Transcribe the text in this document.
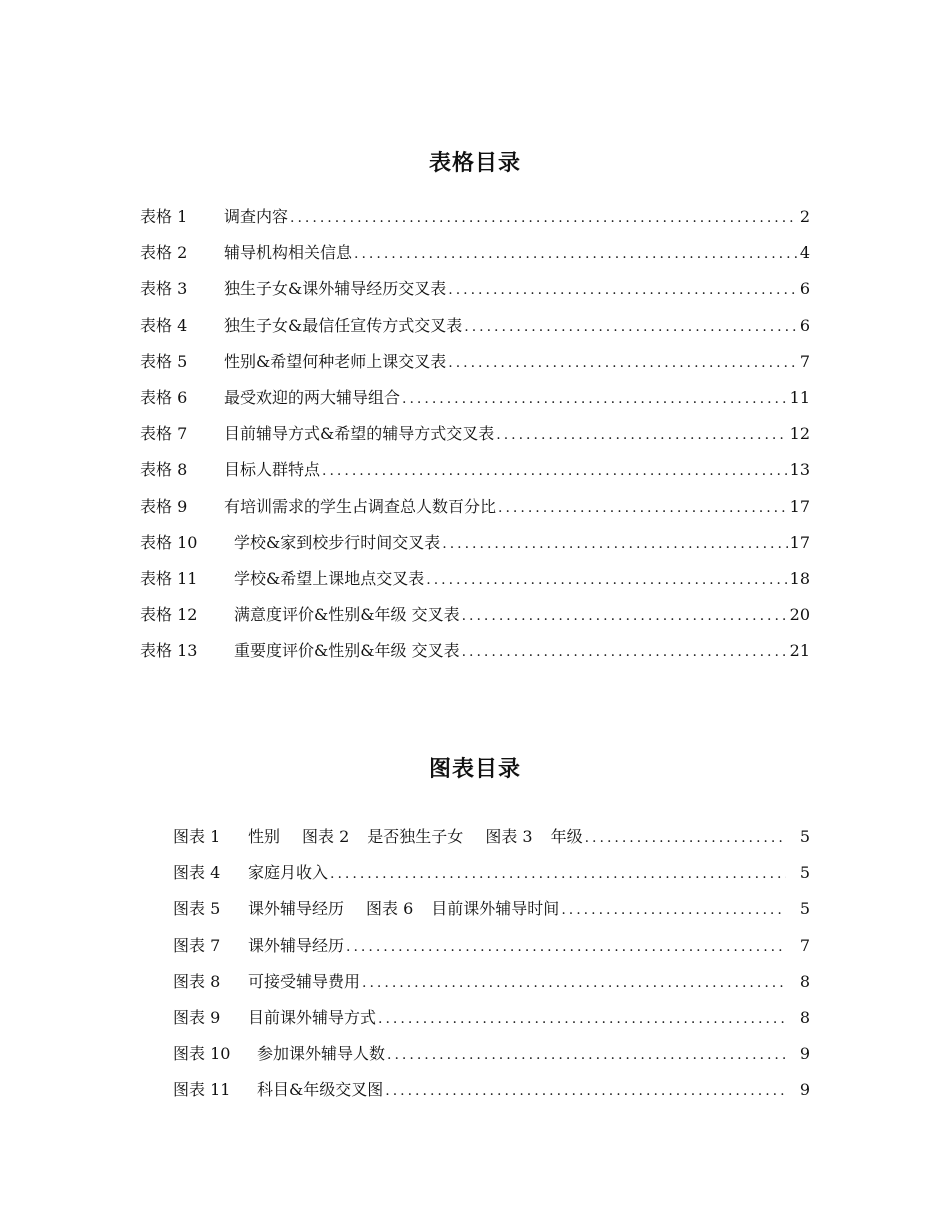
表格目录
表格 1	调查内容 .....	2
表格 2	辅导机构相关信息 .....	4
表格 3	独生子女&课外辅导经历交叉表 .....	6
表格 4	独生子女&最信任宣传方式交叉表 .....	6
表格 5	性别&希望何种老师上课交叉表 .....	7
表格 6	最受欢迎的两大辅导组合 .....	11
表格 7	目前辅导方式&希望的辅导方式交叉表 .....	12
表格 8	目标人群特点 .....	13
表格 9	有培训需求的学生占调查总人数百分比 .....	17
表格 10	学校&家到校步行时间交叉表 .....	17
表格 11	学校&希望上课地点交叉表 .....	18
表格 12	满意度评价&性别&年级 交叉表 .....	20
表格 13	重要度评价&性别&年级 交叉表 .....	21
图表目录
图表 1	性别 图表 2 是否独生子女 图表 3 年级 .....	5
图表 4	家庭月收入 .....	5
图表 5	课外辅导经历 图表 6 目前课外辅导时间 .....	5
图表 7	课外辅导经历 .....	7
图表 8	可接受辅导费用 .....	8
图表 9	目前课外辅导方式 .....	8
图表 10	参加课外辅导人数 .....	9
图表 11	科目&年级交叉图 .....	9
